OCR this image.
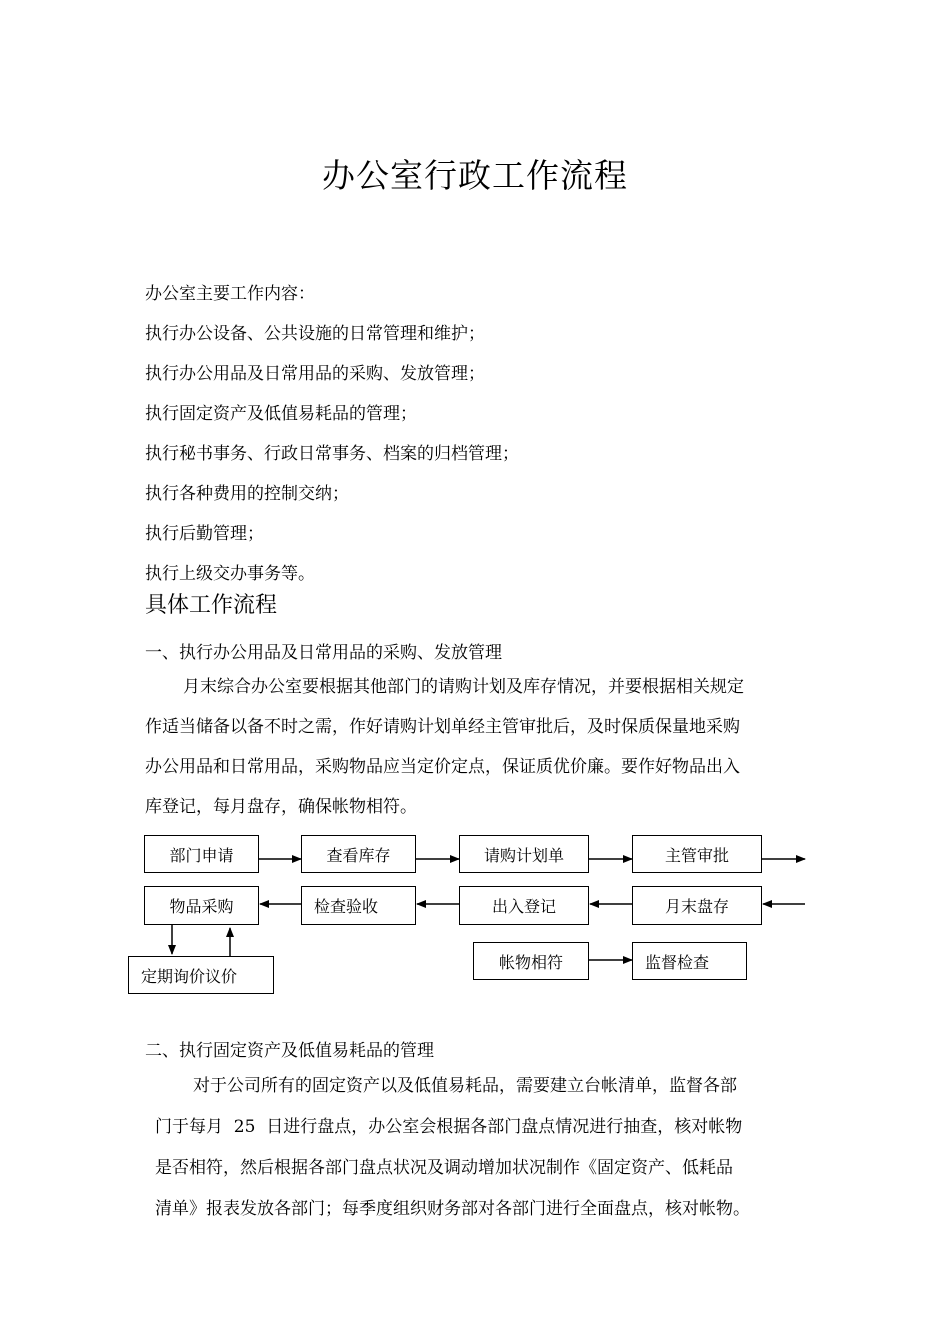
办公室行政工作流程
办公室主要工作内容：
执行办公设备、公共设施的日常管理和维护；
执行办公用品及日常用品的采购、发放管理；
执行固定资产及低值易耗品的管理；
执行秘书事务、行政日常事务、档案的归档管理；
执行各种费用的控制交纳；
执行后勤管理；
执行上级交办事务等。
具体工作流程
一、执行办公用品及日常用品的采购、发放管理
月末综合办公室要根据其他部门的请购计划及库存情况，并要根据相关规定
作适当储备以备不时之需，作好请购计划单经主管审批后，及时保质保量地采购
办公用品和日常用品，采购物品应当定价定点，保证质优价廉。要作好物品出入
库登记，每月盘存，确保帐物相符。
部门申请	查看库存	请购计划单	主管审批
物品采购	检查验收	出入登记	月末盘存
定期询价议价
帐物相符	监督检查
二、执行固定资产及低值易耗品的管理
对于公司所有的固定资产以及低值易耗品，需要建立台帐清单，监督各部
门于每月  25  日进行盘点，办公室会根据各部门盘点情况进行抽查，核对帐物
是否相符，然后根据各部门盘点状况及调动增加状况制作《固定资产、低耗品
清单》报表发放各部门；每季度组织财务部对各部门进行全面盘点，核对帐物。
